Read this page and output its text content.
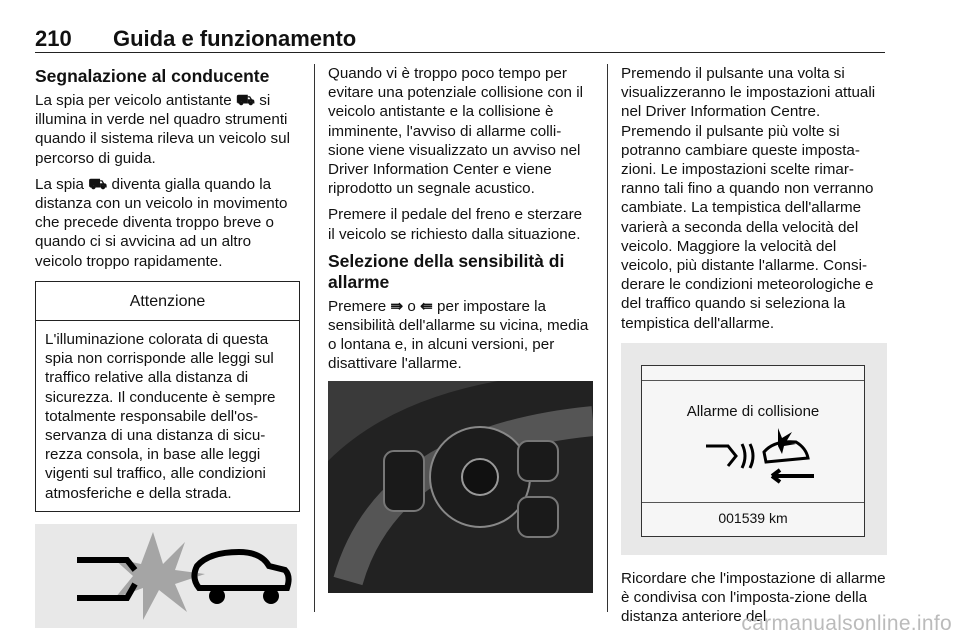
210 Guida e funzionamento
Segnalazione al conducente

La spia per veicolo antistante ⛟ si illumina in verde nel quadro strumenti quando il sistema rileva un veicolo sul percorso di guida.

La spia ⛟ diventa gialla quando la distanza con un veicolo in movimento che precede diventa troppo breve o quando ci si avvicina ad un altro veicolo troppo rapidamente.

Attenzione
L'illuminazione colorata di questa spia non corrisponde alle leggi sul traffico relative alla distanza di sicurezza. Il conducente è sempre totalmente responsabile dell'os-servanza di una distanza di sicu-rezza consola, in base alle leggi vigenti sul traffico, alle condizioni atmosferiche e della strada.

Quando vi è troppo poco tempo per evitare una potenziale collisione con il veicolo antistante e la collisione è imminente, l'avviso di allarme colli-sione viene visualizzato un avviso nel Driver Information Center e viene riprodotto un segnale acustico.

Premere il pedale del freno e sterzare il veicolo se richiesto dalla situazione.

Selezione della sensibilità di allarme

Premere ⇛ o ⇚ per impostare la sensibilità dell'allarme su vicina, media o lontana e, in alcuni versioni, per disattivare l'allarme.

Premendo il pulsante una volta si visualizzeranno le impostazioni attuali nel Driver Information Centre. Premendo il pulsante più volte si potranno cambiare queste imposta-zioni. Le impostazioni scelte rimar-ranno tali fino a quando non verranno cambiate. La tempistica dell'allarme varierà a seconda della velocità del veicolo. Maggiore la velocità del veicolo, più distante l'allarme. Consi-derare le condizioni meteorologiche e del traffico quando si seleziona la tempistica dell'allarme.

Allarme di collisione
001539 km

Ricordare che l'impostazione di allarme è condivisa con l'imposta-zione della distanza anteriore del

carmanualsonline.info
